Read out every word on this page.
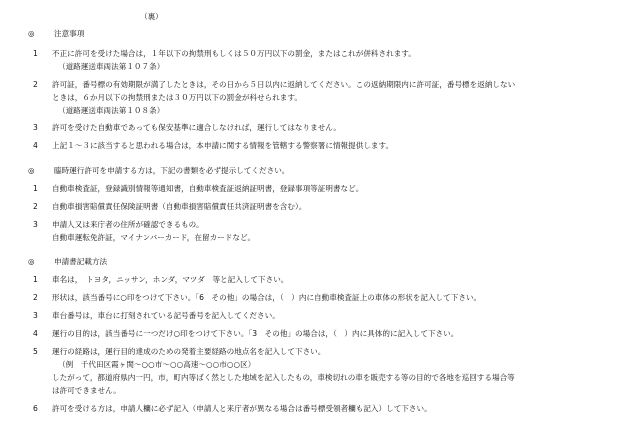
（裏）
◎	注意事項
1 不正に許可を受けた場合は，１年以下の拘禁刑もしくは５０万円以下の罰金，またはこれが併科されます。
（道路運送車両法第１０７条）
2 許可証，番号標の有効期限が満了したときは，その日から５日以内に返納してください。この返納期限内に許可証，番号標を返納しない
ときは，６か月以下の拘禁刑または３０万円以下の罰金が科せられます。
（道路運送車両法第１０８条）
3 許可を受けた自動車であっても保安基準に適合しなければ，運行してはなりません。
4 上記１～３に該当すると思われる場合は，本申請に関する情報を管轄する警察署に情報提供します。
◎	臨時運行許可を申請する方は，下記の書類を必ず提示してください。
1 自動車検査証，登録識別情報等通知書，自動車検査証返納証明書，登録事項等証明書など。
2 自動車損害賠償責任保険証明書（自動車損害賠償責任共済証明書を含む）。
3 申請人又は来庁者の住所が確認できるもの。
自動車運転免許証，マイナンバーカード，在留カードなど。
◎	申請書記載方法
1 車名は，　トヨタ，ニッサン，ホンダ，マツダ　等と記入して下さい。
2 形状は，該当番号に○印をつけて下さい。「6　その他」の場合は，（　）内に自動車検査証上の車体の形状を記入して下さい。
3 車台番号は，車台に打刻されている記号番号を記入してください。
4 運行の目的は，該当番号に一つだけ○印をつけて下さい。「3　その他」の場合は，（　）内に具体的に記入して下さい。
5 運行の経路は，運行目的達成のための発着主要経路の地点名を記入して下さい。
（例　千代田区霞ヶ関～○○市～○○高速～○○市○○区）
したがって，都道府県内一円，市，町内等ばく然とした地域を記入したもの，車検切れの車を販売する等の目的で各地を巡回する場合等
は許可できません。
6 許可を受ける方は，申請人欄に必ず記入（申請人と来庁者が異なる場合は番号標受領者欄も記入）して下さい。
